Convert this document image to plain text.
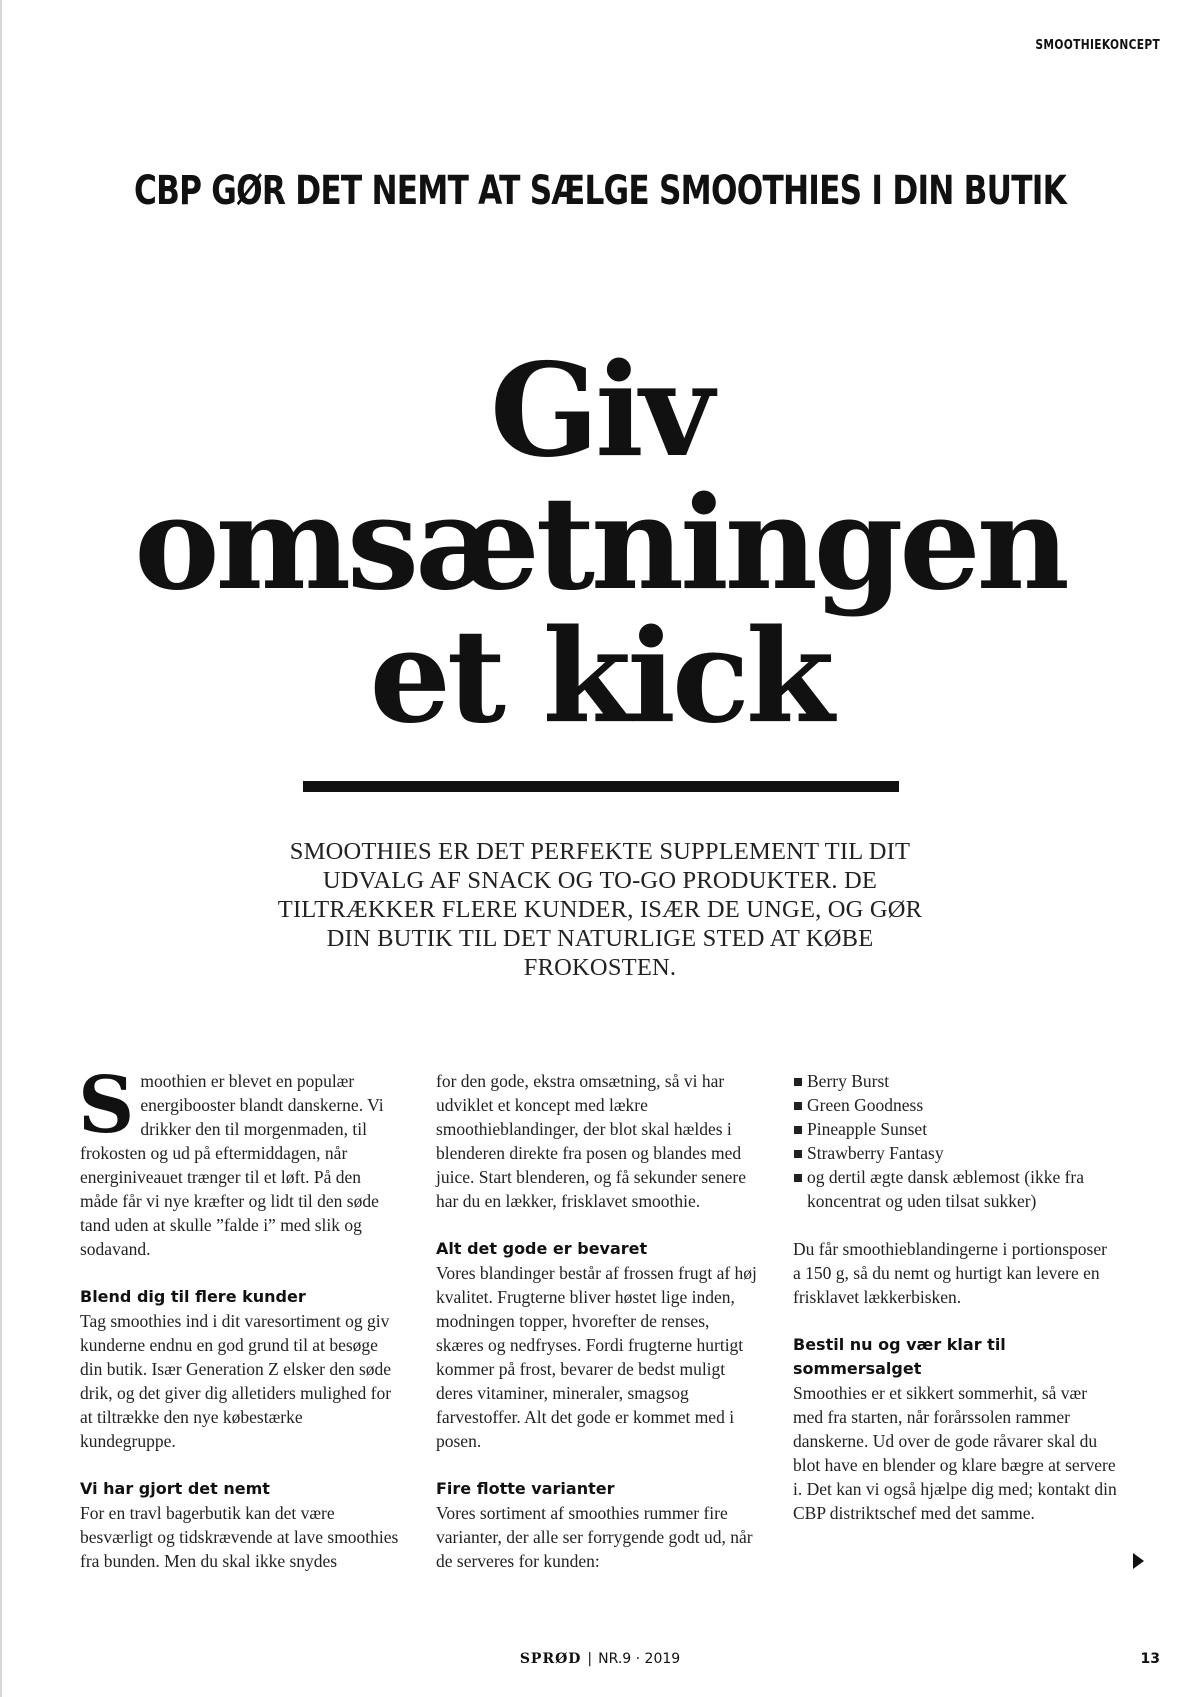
SMOOTHIEKONCEPT
CBP GØR DET NEMT AT SÆLGE SMOOTHIES I DIN BUTIK
Giv
omsætningen
et kick

SMOOTHIES ER DET PERFEKTE SUPPLEMENT TIL DIT UDVALG AF SNACK OG TO-GO PRODUKTER. DE TILTRÆKKER FLERE KUNDER, ISÆR DE UNGE, OG GØR DIN BUTIK TIL DET NATURLIGE STED AT KØBE FROKOSTEN.

Smoothien er blevet en populær energibooster blandt danskerne. Vi drikker den til morgenmaden, til frokosten og ud på eftermiddagen, når energiniveauet trænger til et løft. På den måde får vi nye kræfter og lidt til den søde tand uden at skulle ”falde i” med slik og sodavand.

Blend dig til flere kunder

Tag smoothies ind i dit varesortiment og giv kunderne endnu en god grund til at besøge din butik. Især Generation Z elsker den søde drik, og det giver dig alletiders mulighed for at tiltrække den nye købestærke kundegruppe.

Vi har gjort det nemt

For en travl bagerbutik kan det være besværligt og tidskrævende at lave smoothies fra bunden. Men du skal ikke snydes

for den gode, ekstra omsætning, så vi har udviklet et koncept med lækre smoothieblandinger, der blot skal hældes i blenderen direkte fra posen og blandes med juice. Start blenderen, og få sekunder senere har du en lækker, frisklavet smoothie.

Alt det gode er bevaret

Vores blandinger består af frossen frugt af høj kvalitet. Frugterne bliver høstet lige inden, modningen topper, hvorefter de renses, skæres og nedfryses. Fordi frugterne hurtigt kommer på frost, bevarer de bedst muligt deres vitaminer, mineraler, smagsog farvestoffer. Alt det gode er kommet med i posen.

Fire flotte varianter

Vores sortiment af smoothies rummer fire varianter, der alle ser forrygende godt ud, når de serveres for kunden:

Berry Burst
Green Goodness
Pineapple Sunset
Strawberry Fantasy
og dertil ægte dansk æblemost (ikke fra koncentrat og uden tilsat sukker)

Du får smoothieblandingerne i portionsposer a 150 g, så du nemt og hurtigt kan levere en frisklavet lækkerbisken.

Bestil nu og vær klar til sommersalget

Smoothies er et sikkert sommerhit, så vær med fra starten, når forårssolen rammer danskerne. Ud over de gode råvarer skal du blot have en blender og klare bægre at servere i. Det kan vi også hjælpe dig med; kontakt din CBP distriktschef med det samme.

SPRØD | NR.9 · 2019	13
